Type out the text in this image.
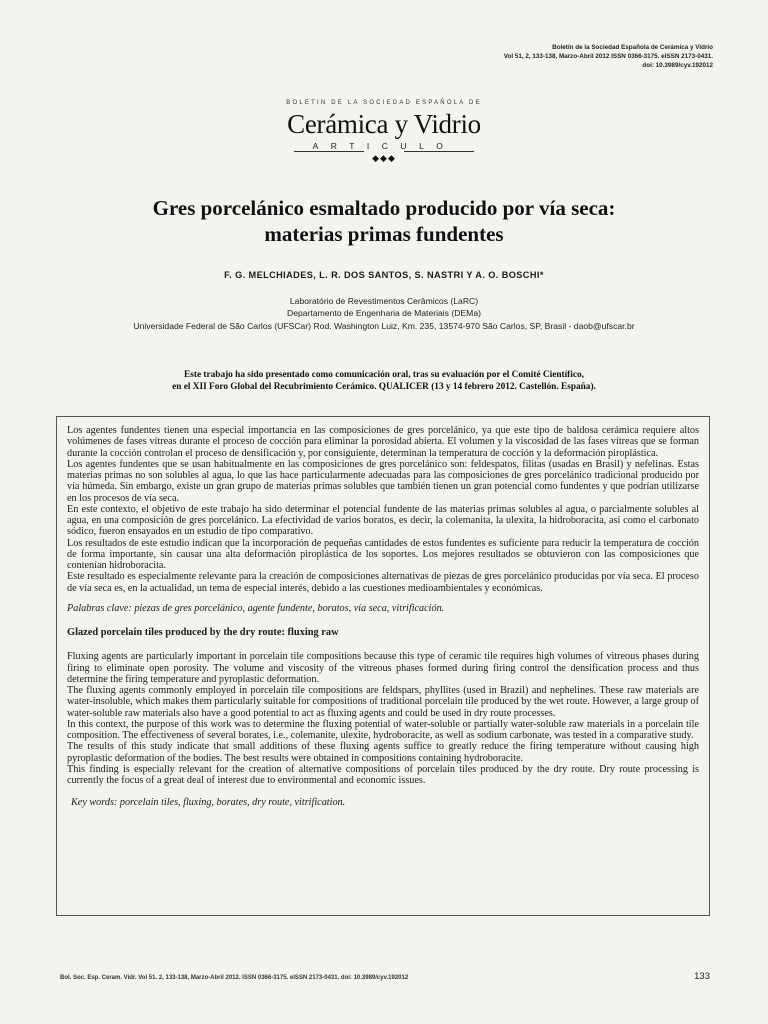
Boletín de la Sociedad Española de Cerámica y Vidrio
Vol 51, 2, 133-138, Marzo-Abril 2012 ISSN 0366-3175. eISSN 2173-0431.
doi: 10.3989/cyv.192012
BOLETIN DE LA SOCIEDAD ESPAÑOLA DE
Cerámica y Vidrio
ARTICULO
◆◆◆
Gres porcelánico esmaltado producido por vía seca:
materias primas fundentes
F. G. MELCHIADES, L. R. DOS SANTOS, S. NASTRI Y A. O. BOSCHI*
Laboratório de Revestimentos Cerâmicos (LaRC)
Departamento de Engenharia de Materiais (DEMa)
Universidade Federal de São Carlos (UFSCar) Rod. Washington Luiz, Km. 235, 13574-970 São Carlos, SP, Brasil - daob@ufscar.br
Este trabajo ha sido presentado como comunicación oral, tras su evaluación por el Comité Científico,
en el XII Foro Global del Recubrimiento Cerámico. QUALICER (13 y 14 febrero 2012. Castellón. España).

Los agentes fundentes tienen una especial importancia en las composiciones de gres porcelánico, ya que este tipo de baldosa cerámica requiere altos volúmenes de fases vítreas durante el proceso de cocción para eliminar la porosidad abierta. El volumen y la viscosidad de las fases vítreas que se forman durante la cocción controlan el proceso de densificación y, por consiguiente, determinan la temperatura de cocción y la deformación piroplástica.

Los agentes fundentes que se usan habitualmente en las composiciones de gres porcelánico son: feldespatos, filitas (usadas en Brasil) y nefelinas. Estas materias primas no son solubles al agua, lo que las hace particularmente adecuadas para las composiciones de gres porcelánico tradicional producido por vía húmeda. Sin embargo, existe un gran grupo de materias primas solubles que también tienen un gran potencial como fundentes y que podrían utilizarse en los procesos de vía seca.

En este contexto, el objetivo de este trabajo ha sido determinar el potencial fundente de las materias primas solubles al agua, o parcialmente solubles al agua, en una composición de gres porcelánico. La efectividad de varios boratos, es decir, la colemanita, la ulexita, la hidroboracita, así como el carbonato sódico, fueron ensayados en un estudio de tipo comparativo.

Los resultados de este estudio indican que la incorporación de pequeñas cantidades de estos fundentes es suficiente para reducir la temperatura de cocción de forma importante, sin causar una alta deformación piroplástica de los soportes. Los mejores resultados se obtuvieron con las composiciones que contenían hidroboracita.

Este resultado es especialmente relevante para la creación de composiciones alternativas de piezas de gres porcelánico producidas por vía seca. El proceso de vía seca es, en la actualidad, un tema de especial interés, debido a las cuestiones medioambientales y económicas.

Palabras clave: piezas de gres porcelánico, agente fundente, boratos, vía seca, vitrificación.

Glazed porcelain tiles produced by the dry route: fluxing raw

Fluxing agents are particularly important in porcelain tile compositions because this type of ceramic tile requires high volumes of vitreous phases during firing to eliminate open porosity. The volume and viscosity of the vitreous phases formed during firing control the densification process and thus determine the firing temperature and pyroplastic deformation.

The fluxing agents commonly employed in porcelain tile compositions are feldspars, phyllites (used in Brazil) and nephelines. These raw materials are water-insoluble, which makes them particularly suitable for compositions of traditional porcelain tile produced by the wet route. However, a large group of water-soluble raw materials also have a good potential to act as fluxing agents and could be used in dry route processes.

In this context, the purpose of this work was to determine the fluxing potential of water-soluble or partially water-soluble raw materials in a porcelain tile composition. The effectiveness of several borates, i.e., colemanite, ulexite, hydroboracite, as well as sodium carbonate, was tested in a comparative study.

The results of this study indicate that small additions of these fluxing agents suffice to greatly reduce the firing temperature without causing high pyroplastic deformation of the bodies. The best results were obtained in compositions containing hydroboracite.

This finding is especially relevant for the creation of alternative compositions of porcelain tiles produced by the dry route. Dry route processing is currently the focus of a great deal of interest due to environmental and economic issues.

Key words: porcelain tiles, fluxing, borates, dry route, vitrification.

Bol. Soc. Esp. Ceram. Vidr. Vol 51. 2, 133-138, Marzo-Abril 2012. ISSN 0366-3175. eISSN 2173-0431. doi: 10.3989/cyv.192012	133
